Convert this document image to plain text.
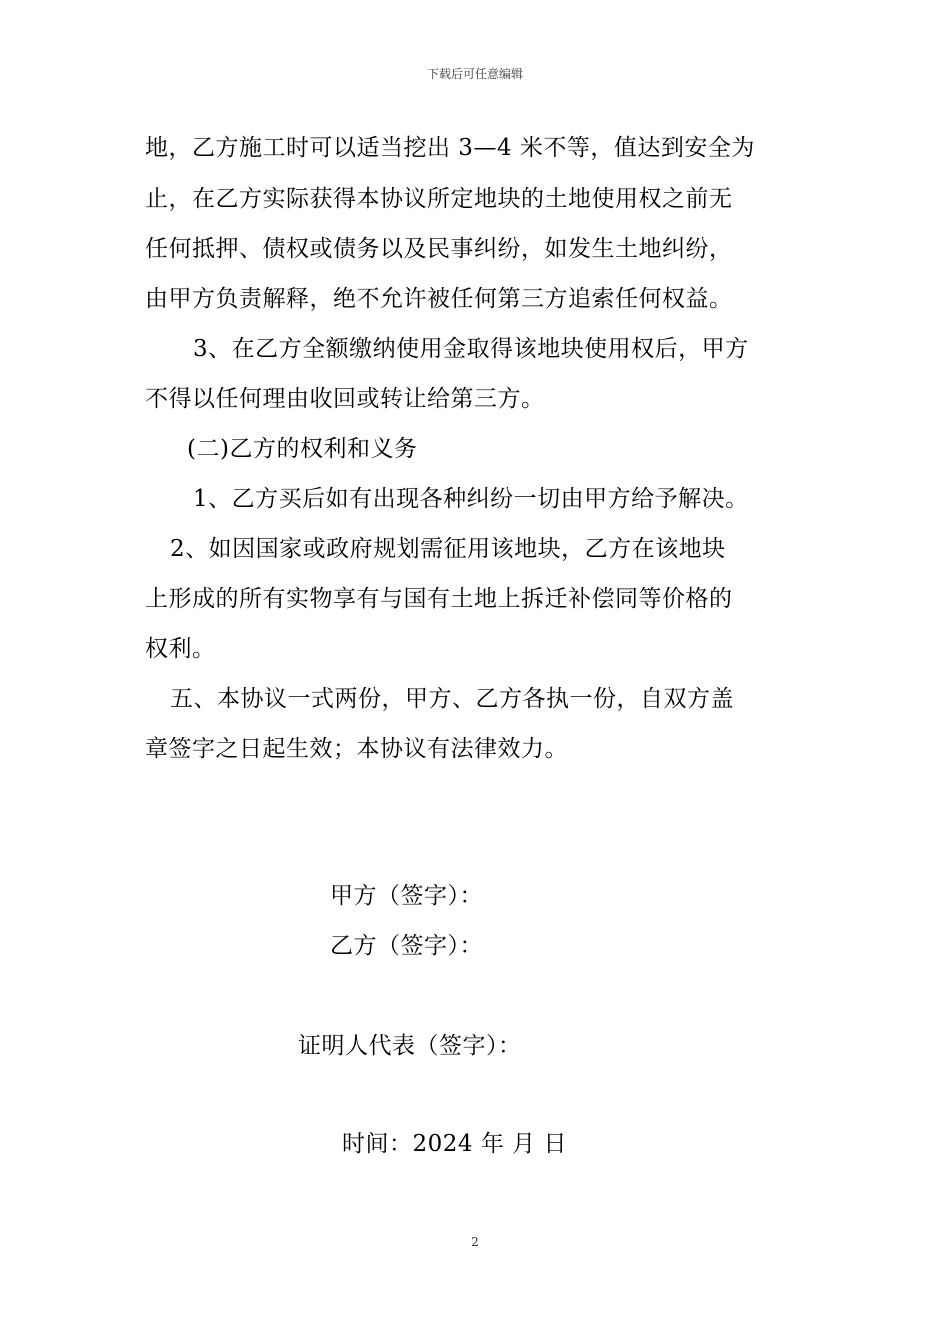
下载后可任意编辑
地，乙方施工时可以适当挖出 3—4 米不等，值达到安全为
止，在乙方实际获得本协议所定地块的土地使用权之前无
任何抵押、债权或债务以及民事纠纷，如发生土地纠纷，
由甲方负责解释，绝不允许被任何第三方追索任何权益。
3、在乙方全额缴纳使用金取得该地块使用权后，甲方
不得以任何理由收回或转让给第三方。
(二)乙方的权利和义务
1、乙方买后如有出现各种纠纷一切由甲方给予解决。
2、如因国家或政府规划需征用该地块，乙方在该地块
上形成的所有实物享有与国有土地上拆迁补偿同等价格的
权利。
五、本协议一式两份，甲方、乙方各执一份，自双方盖
章签字之日起生效；本协议有法律效力。
甲方（签字）：
乙方（签字）：
证明人代表（签字）：
时间：2024 年 月 日
2
